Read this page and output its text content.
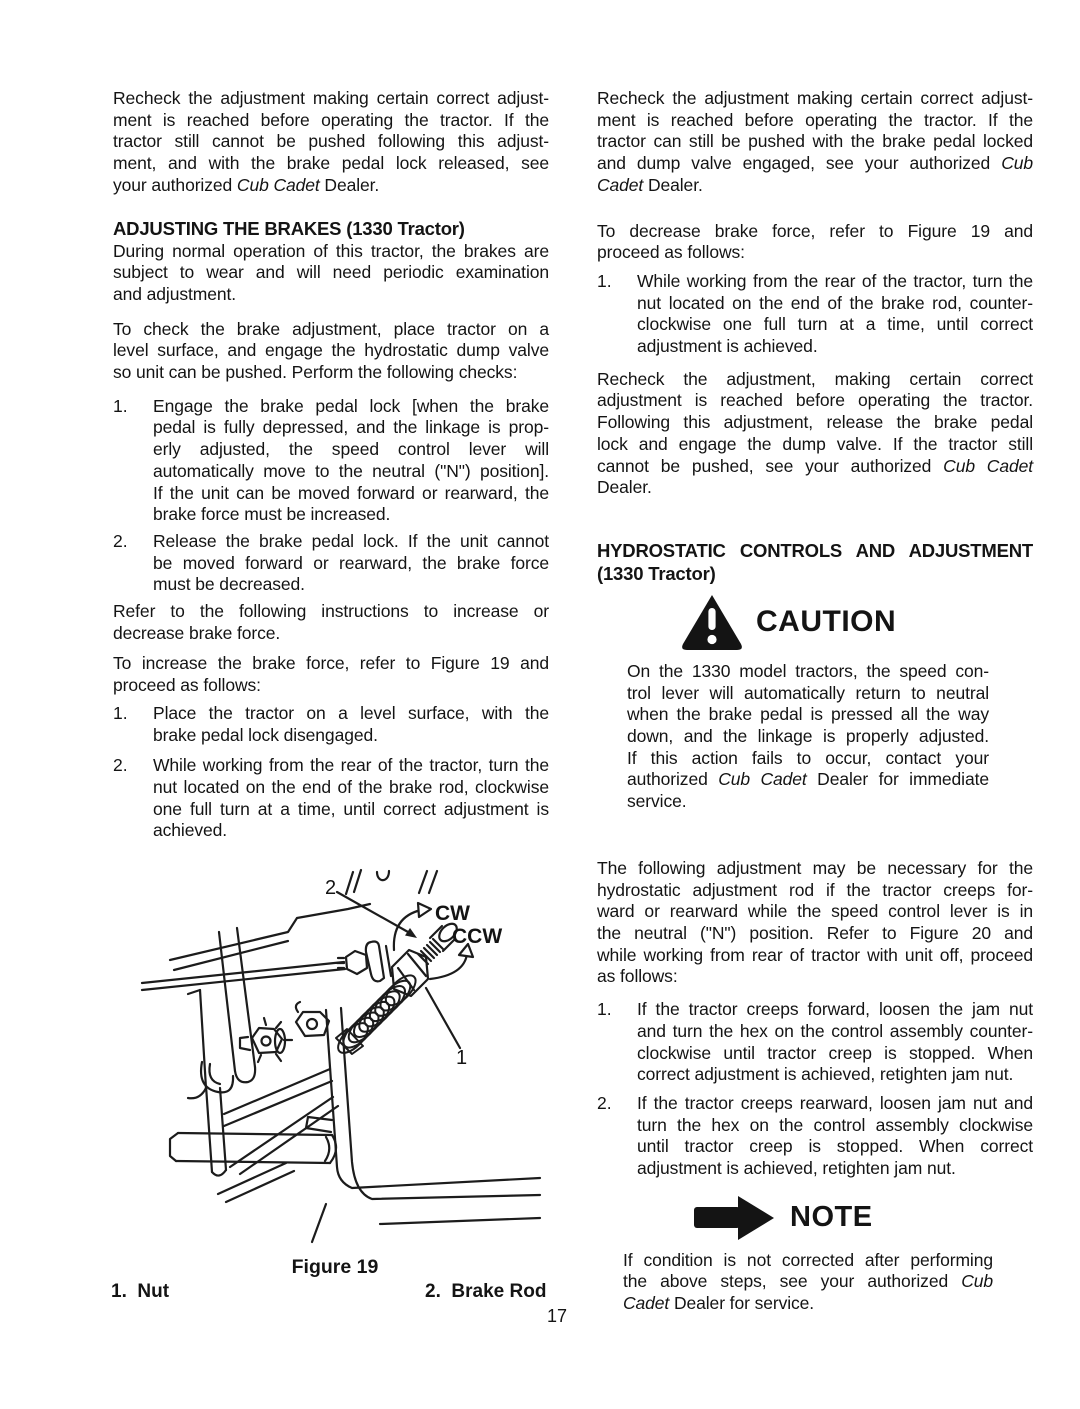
Recheck the adjustment making certain correct adjust-
ment is reached before operating the tractor. If the
tractor still cannot be pushed following this adjust-
ment, and with the brake pedal lock released, see
your authorized Cub Cadet Dealer.
ADJUSTING THE BRAKES (1330 Tractor)
During normal operation of this tractor, the brakes are
subject to wear and will need periodic examination
and adjustment.
To check the brake adjustment, place tractor on a
level surface, and engage the hydrostatic dump valve
so unit can be pushed. Perform the following checks:
1.	Engage the brake pedal lock [when the brake
pedal is fully depressed, and the linkage is prop-
erly adjusted, the speed control lever will
automatically move to the neutral ("N") position].
If the unit can be moved forward or rearward, the
brake force must be increased.
2.	Release the brake pedal lock. If the unit cannot
be moved forward or rearward, the brake force
must be decreased.
Refer to the following instructions to increase or
decrease brake force.
To increase the brake force, refer to Figure 19 and
proceed as follows:
1.	Place the tractor on a level surface, with the
brake pedal lock disengaged.
2.	While working from the rear of the tractor, turn the
nut located on the end of the brake rod, clockwise
one full turn at a time, until correct adjustment is
achieved.
Recheck the adjustment making certain correct adjust-
ment is reached before operating the tractor. If the
tractor can still be pushed with the brake pedal locked
and dump valve engaged, see your authorized Cub
Cadet Dealer.
To decrease brake force, refer to Figure 19 and
proceed as follows:
1.	While working from the rear of the tractor, turn the
nut located on the end of the brake rod, counter-
clockwise one full turn at a time, until correct
adjustment is achieved.
Recheck the adjustment, making certain correct
adjustment is reached before operating the tractor.
Following this adjustment, release the brake pedal
lock and engage the dump valve. If the tractor still
cannot be pushed, see your authorized Cub Cadet
Dealer.
HYDROSTATIC CONTROLS AND ADJUSTMENT
(1330 Tractor)
CAUTION
On the 1330 model tractors, the speed con-
trol lever will automatically return to neutral
when the brake pedal is pressed all the way
down, and the linkage is properly adjusted.
If this action fails to occur, contact your
authorized Cub Cadet Dealer for immediate
service.
The following adjustment may be necessary for the
hydrostatic adjustment rod if the tractor creeps for-
ward or rearward while the speed control lever is in
the neutral ("N") position. Refer to Figure 20 and
while working from rear of tractor with unit off, proceed
as follows:
1.	If the tractor creeps forward, loosen the jam nut
and turn the hex on the control assembly counter-
clockwise until tractor creep is stopped. When
correct adjustment is achieved, retighten jam nut.
2.	If the tractor creeps rearward, loosen jam nut and
turn the hex on the control assembly clockwise
until tractor creep is stopped. When correct
adjustment is achieved, retighten jam nut.
NOTE
If condition is not corrected after performing
the above steps, see your authorized Cub
Cadet Dealer for service.
2
CW
CCW
1
Figure 19
1.  Nut	2.  Brake Rod
17
